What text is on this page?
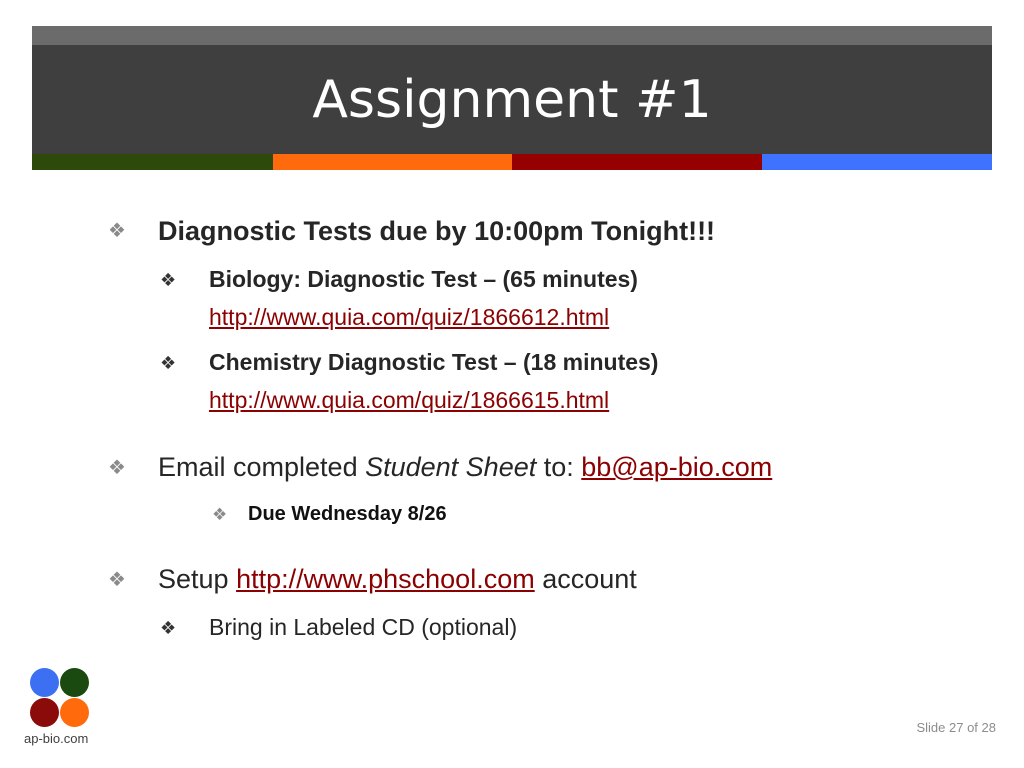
Assignment #1
❖ Diagnostic Tests due by 10:00pm Tonight!!!
❖ Biology: Diagnostic Test – (65 minutes)
http://www.quia.com/quiz/1866612.html
❖ Chemistry Diagnostic Test – (18 minutes)
http://www.quia.com/quiz/1866615.html
❖ Email completed Student Sheet to: bb@ap-bio.com
❖ Due Wednesday 8/26
❖ Setup http://www.phschool.com account
❖ Bring in Labeled CD (optional)
ap-bio.com
Slide 27 of 28
